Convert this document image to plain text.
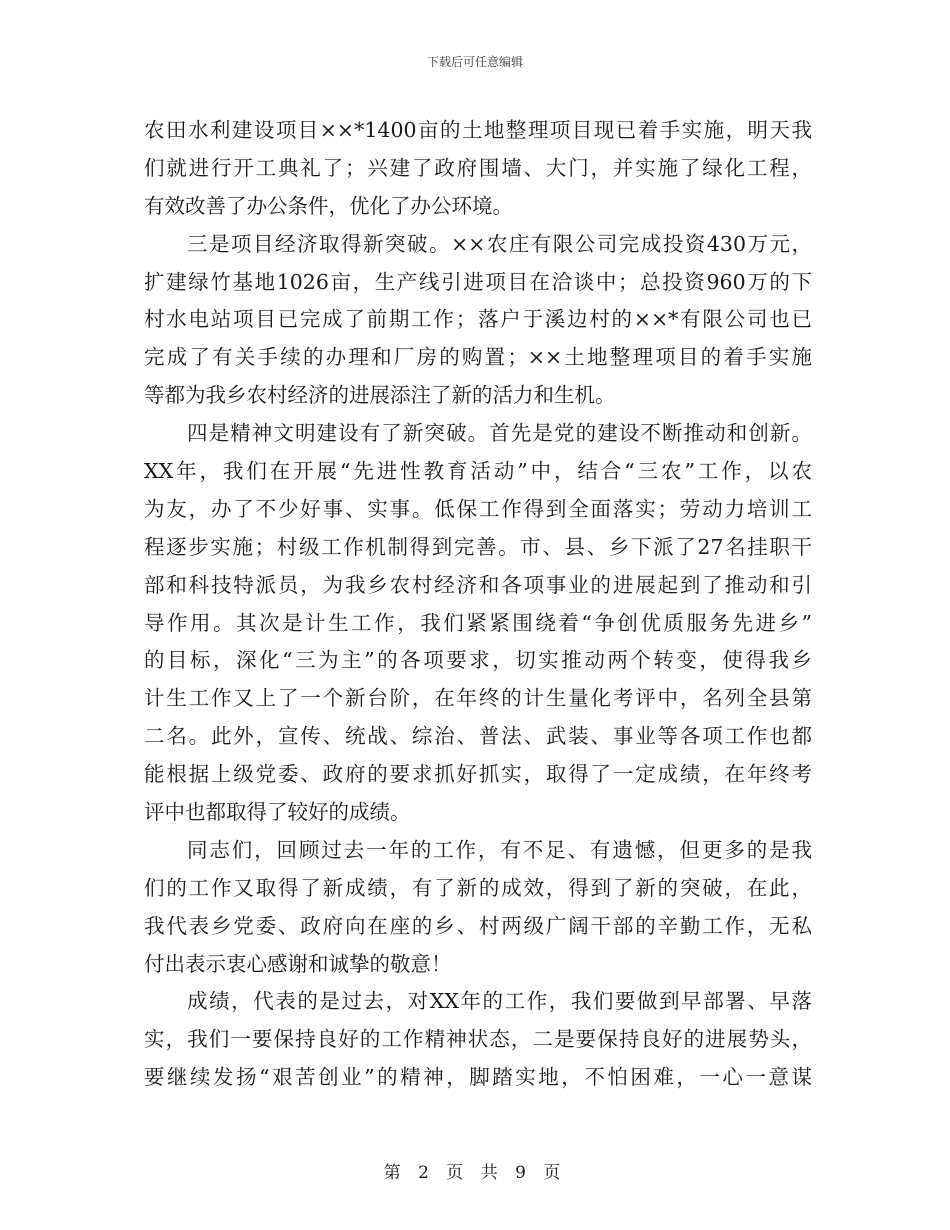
下载后可任意编辑
农田水利建设项目××*1400亩的土地整理项目现已着手实施，明天我
们就进行开工典礼了；兴建了政府围墙、大门，并实施了绿化工程，
有效改善了办公条件，优化了办公环境。
三是项目经济取得新突破。××农庄有限公司完成投资430万元，
扩建绿竹基地1026亩，生产线引进项目在洽谈中；总投资960万的下
村水电站项目已完成了前期工作；落户于溪边村的××*有限公司也已
完成了有关手续的办理和厂房的购置；××土地整理项目的着手实施
等都为我乡农村经济的进展添注了新的活力和生机。
四是精神文明建设有了新突破。首先是党的建设不断推动和创新。
XX年，我们在开展“先进性教育活动”中，结合“三农”工作，以农
为友，办了不少好事、实事。低保工作得到全面落实；劳动力培训工
程逐步实施；村级工作机制得到完善。市、县、乡下派了27名挂职干
部和科技特派员，为我乡农村经济和各项事业的进展起到了推动和引
导作用。其次是计生工作，我们紧紧围绕着“争创优质服务先进乡”
的目标，深化“三为主”的各项要求，切实推动两个转变，使得我乡
计生工作又上了一个新台阶，在年终的计生量化考评中，名列全县第
二名。此外，宣传、统战、综治、普法、武装、事业等各项工作也都
能根据上级党委、政府的要求抓好抓实，取得了一定成绩，在年终考
评中也都取得了较好的成绩。
同志们，回顾过去一年的工作，有不足、有遗憾，但更多的是我
们的工作又取得了新成绩，有了新的成效，得到了新的突破，在此，
我代表乡党委、政府向在座的乡、村两级广阔干部的辛勤工作，无私
付出表示衷心感谢和诚挚的敬意！
成绩，代表的是过去，对XX年的工作，我们要做到早部署、早落
实，我们一要保持良好的工作精神状态，二是要保持良好的进展势头，
要继续发扬“艰苦创业”的精神，脚踏实地，不怕困难，一心一意谋
第 2 页 共 9 页
